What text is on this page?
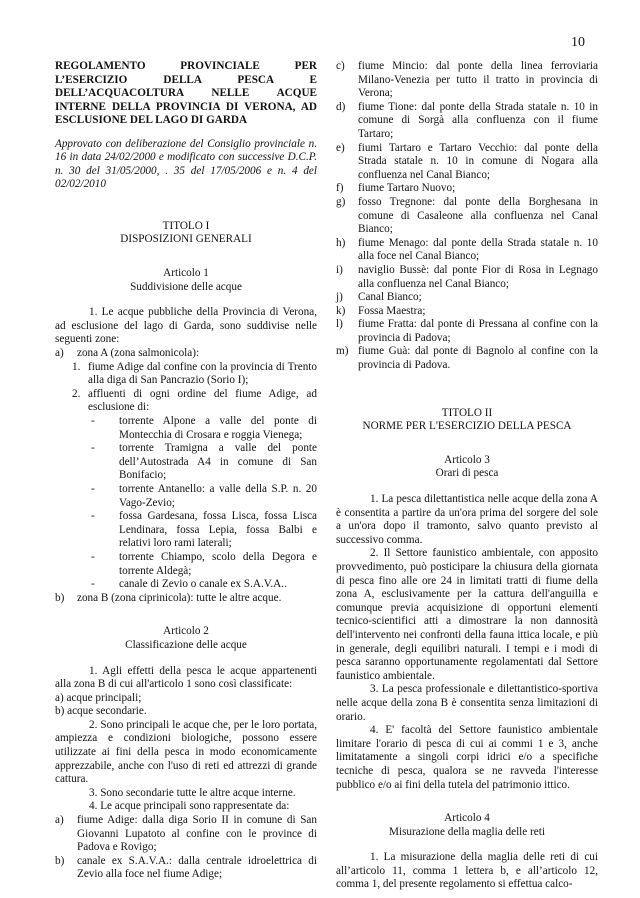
10

REGOLAMENTO PROVINCIALE PER L’ESERCIZIO DELLA PESCA E DELL’ACQUACOLTURA NELLE ACQUE INTERNE DELLA PROVINCIA DI VERONA, AD ESCLUSIONE DEL LAGO DI GARDA

Approvato con deliberazione del Consiglio provinciale n. 16 in data 24/02/2000 e modificato con successive D.C.P. n. 30 del 31/05/2000, . 35 del 17/05/2006 e n. 4 del 02/02/2010

TITOLO I

DISPOSIZIONI GENERALI

Articolo 1

Suddivisione delle acque

1. Le acque pubbliche della Provincia di Verona, ad esclusione del lago di Garda, sono suddivise nelle seguenti zone:

a)	zona A (zona salmonicola):
1. fiume Adige dal confine con la provincia di Trento alla diga di San Pancrazio (Sorio I);
2. affluenti di ogni ordine del fiume Adige, ad esclusione di:
-	torrente Alpone a valle del ponte di Montecchia di Crosara e roggia Vienega;
-	torrente Tramigna a valle del ponte dell’Autostrada A4 in comune di San Bonifacio;
-	torrente Antanello: a valle della S.P. n. 20 Vago-Zevio;
-	fossa Gardesana, fossa Lisca, fossa Lisca Lendinara, fossa Lepia, fossa Balbi e relativi loro rami laterali;
-	torrente Chiampo, scolo della Degora e torrente Aldegà;
-	canale di Zevio o canale ex S.A.V.A..
b)	zona B (zona ciprinicola): tutte le altre acque.

Articolo 2

Classificazione delle acque

1. Agli effetti della pesca le acque appartenenti alla zona B di cui all'articolo 1 sono così classificate:

a) acque principali;

b) acque secondarie.

2. Sono principali le acque che, per le loro portata, ampiezza e condizioni biologiche, possono essere utilizzate ai fini della pesca in modo economicamente apprezzabile, anche con l'uso di reti ed attrezzi di grande cattura.

3. Sono secondarie tutte le altre acque interne.

4. Le acque principali sono rappresentate da:

a)	fiume Adige: dalla diga Sorio II in comune di San Giovanni Lupatoto al confine con le province di Padova e Rovigo;
b)	canale ex S.A.V.A.: dalla centrale idroelettrica di Zevio alla foce nel fiume Adige;
c)	fiume Mincio: dal ponte della linea ferroviaria Milano-Venezia per tutto il tratto in provincia di Verona;
d)	fiume Tione: dal ponte della Strada statale n. 10 in comune di Sorgà alla confluenza con il fiume Tartaro;
e)	fiumi Tartaro e Tartaro Vecchio: dal ponte della Strada statale n. 10 in comune di Nogara alla confluenza nel Canal Bianco;
f)	fiume Tartaro Nuovo;
g)	fosso Tregnone: dal ponte della Borghesana in comune di Casaleone alla confluenza nel Canal Bianco;
h)	fiume Menago: dal ponte della Strada statale n. 10 alla foce nel Canal Bianco;
i)	naviglio Bussè: dal ponte Fior di Rosa in Legnago alla confluenza nel Canal Bianco;
j)	Canal Bianco;
k)	Fossa Maestra;
l)	fiume Fratta: dal ponte di Pressana al confine con la provincia di Padova;
m) fiume Guà: dal ponte di Bagnolo al confine con la provincia di Padova.

TITOLO II

NORME PER L'ESERCIZIO DELLA PESCA

Articolo 3

Orari di pesca

1. La pesca dilettantistica nelle acque della zona A è consentita a partire da un'ora prima del sorgere del sole a un'ora dopo il tramonto, salvo quanto previsto al successivo comma.

2. Il Settore faunistico ambientale, con apposito provvedimento, può posticipare la chiusura della giornata di pesca fino alle ore 24 in limitati tratti di fiume della zona A, esclusivamente per la cattura dell'anguilla e comunque previa acquisizione di opportuni elementi tecnico-scientifici atti a dimostrare la non dannosità dell'intervento nei confronti della fauna ittica locale, e più in generale, degli equilibri naturali. I tempi e i modi di pesca saranno opportunamente regolamentati dal Settore faunistico ambientale.

3. La pesca professionale e dilettantistico-sportiva nelle acque della zona B è consentita senza limitazioni di orario.

4. E' facoltà del Settore faunistico ambientale limitare l'orario di pesca di cui ai commi 1 e 3, anche limitatamente a singoli corpi idrici e/o a specifiche tecniche di pesca, qualora se ne ravveda l'interesse pubblico e/o ai fini della tutela del patrimonio ittico.

Articolo 4

Misurazione della maglia delle reti

1. La misurazione della maglia delle reti di cui all’articolo 11, comma 1 lettera b, e all’articolo 12, comma 1, del presente regolamento si effettua calco-
